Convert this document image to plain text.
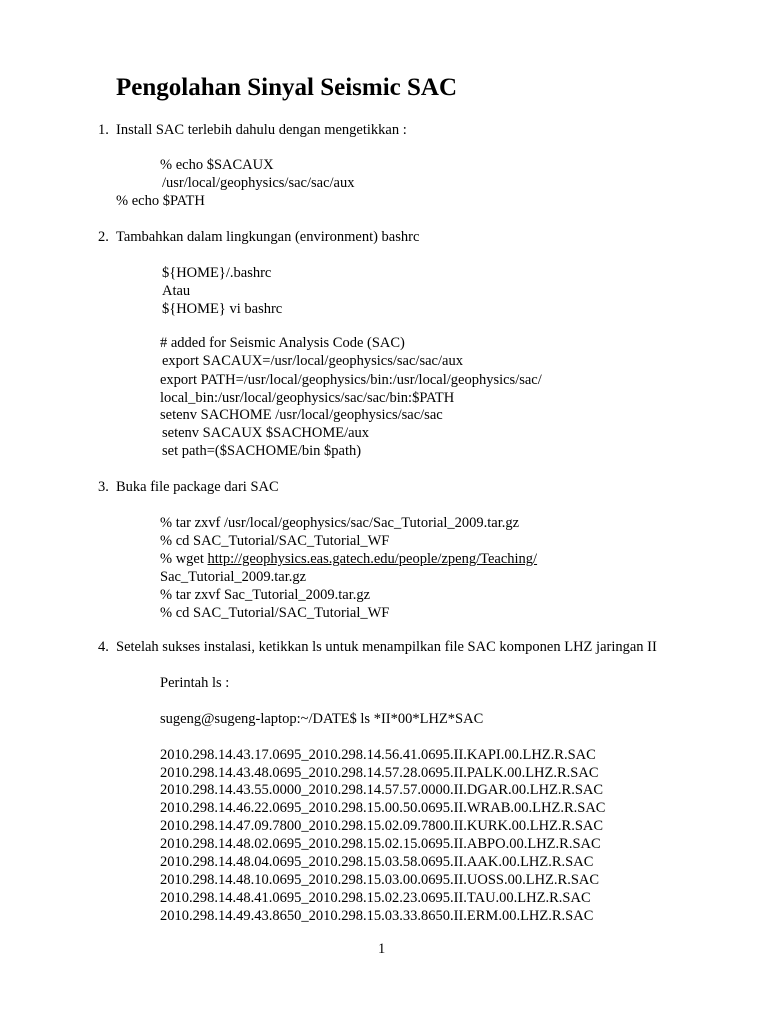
Pengolahan Sinyal Seismic SAC
1. Install SAC terlebih dahulu dengan mengetikkan :
% echo $SACAUX
/usr/local/geophysics/sac/sac/aux
% echo $PATH
2. Tambahkan dalam lingkungan (environment) bashrc
${HOME}/.bashrc
Atau
${HOME} vi bashrc
# added for Seismic Analysis Code (SAC)
export SACAUX=/usr/local/geophysics/sac/sac/aux
export PATH=/usr/local/geophysics/bin:/usr/local/geophysics/sac/
local_bin:/usr/local/geophysics/sac/sac/bin:$PATH
setenv SACHOME /usr/local/geophysics/sac/sac
setenv SACAUX $SACHOME/aux
set path=($SACHOME/bin $path)
3. Buka file package dari SAC
% tar zxvf /usr/local/geophysics/sac/Sac_Tutorial_2009.tar.gz
% cd SAC_Tutorial/SAC_Tutorial_WF
% wget http://geophysics.eas.gatech.edu/people/zpeng/Teaching/
Sac_Tutorial_2009.tar.gz
% tar zxvf Sac_Tutorial_2009.tar.gz
% cd SAC_Tutorial/SAC_Tutorial_WF
4. Setelah sukses instalasi, ketikkan ls untuk menampilkan file SAC komponen LHZ jaringan II
Perintah ls :
sugeng@sugeng-laptop:~/DATE$ ls *II*00*LHZ*SAC
2010.298.14.43.17.0695_2010.298.14.56.41.0695.II.KAPI.00.LHZ.R.SAC
2010.298.14.43.48.0695_2010.298.14.57.28.0695.II.PALK.00.LHZ.R.SAC
2010.298.14.43.55.0000_2010.298.14.57.57.0000.II.DGAR.00.LHZ.R.SAC
2010.298.14.46.22.0695_2010.298.15.00.50.0695.II.WRAB.00.LHZ.R.SAC
2010.298.14.47.09.7800_2010.298.15.02.09.7800.II.KURK.00.LHZ.R.SAC
2010.298.14.48.02.0695_2010.298.15.02.15.0695.II.ABPO.00.LHZ.R.SAC
2010.298.14.48.04.0695_2010.298.15.03.58.0695.II.AAK.00.LHZ.R.SAC
2010.298.14.48.10.0695_2010.298.15.03.00.0695.II.UOSS.00.LHZ.R.SAC
2010.298.14.48.41.0695_2010.298.15.02.23.0695.II.TAU.00.LHZ.R.SAC
2010.298.14.49.43.8650_2010.298.15.03.33.8650.II.ERM.00.LHZ.R.SAC
1
